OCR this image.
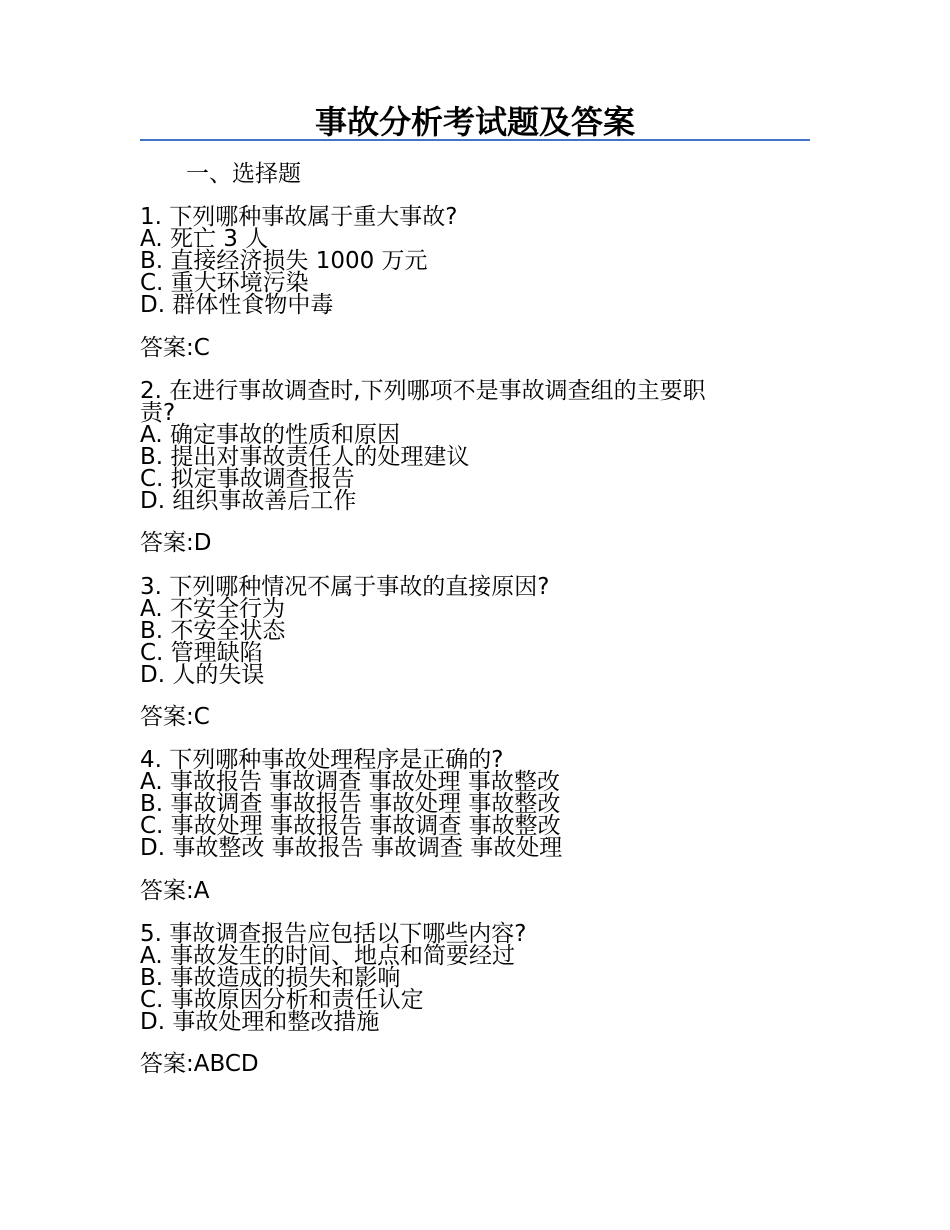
事故分析考试题及答案
一、选择题
1. 下列哪种事故属于重大事故?
A. 死亡 3 人
B. 直接经济损失 1000 万元
C. 重大环境污染
D. 群体性食物中毒
答案:C
2. 在进行事故调查时,下列哪项不是事故调查组的主要职
责?
A. 确定事故的性质和原因
B. 提出对事故责任人的处理建议
C. 拟定事故调查报告
D. 组织事故善后工作
答案:D
3. 下列哪种情况不属于事故的直接原因?
A. 不安全行为
B. 不安全状态
C. 管理缺陷
D. 人的失误
答案:C
4. 下列哪种事故处理程序是正确的?
A. 事故报告 事故调查 事故处理 事故整改
B. 事故调查 事故报告 事故处理 事故整改
C. 事故处理 事故报告 事故调查 事故整改
D. 事故整改 事故报告 事故调查 事故处理
答案:A
5. 事故调查报告应包括以下哪些内容?
A. 事故发生的时间、地点和简要经过
B. 事故造成的损失和影响
C. 事故原因分析和责任认定
D. 事故处理和整改措施
答案:ABCD
